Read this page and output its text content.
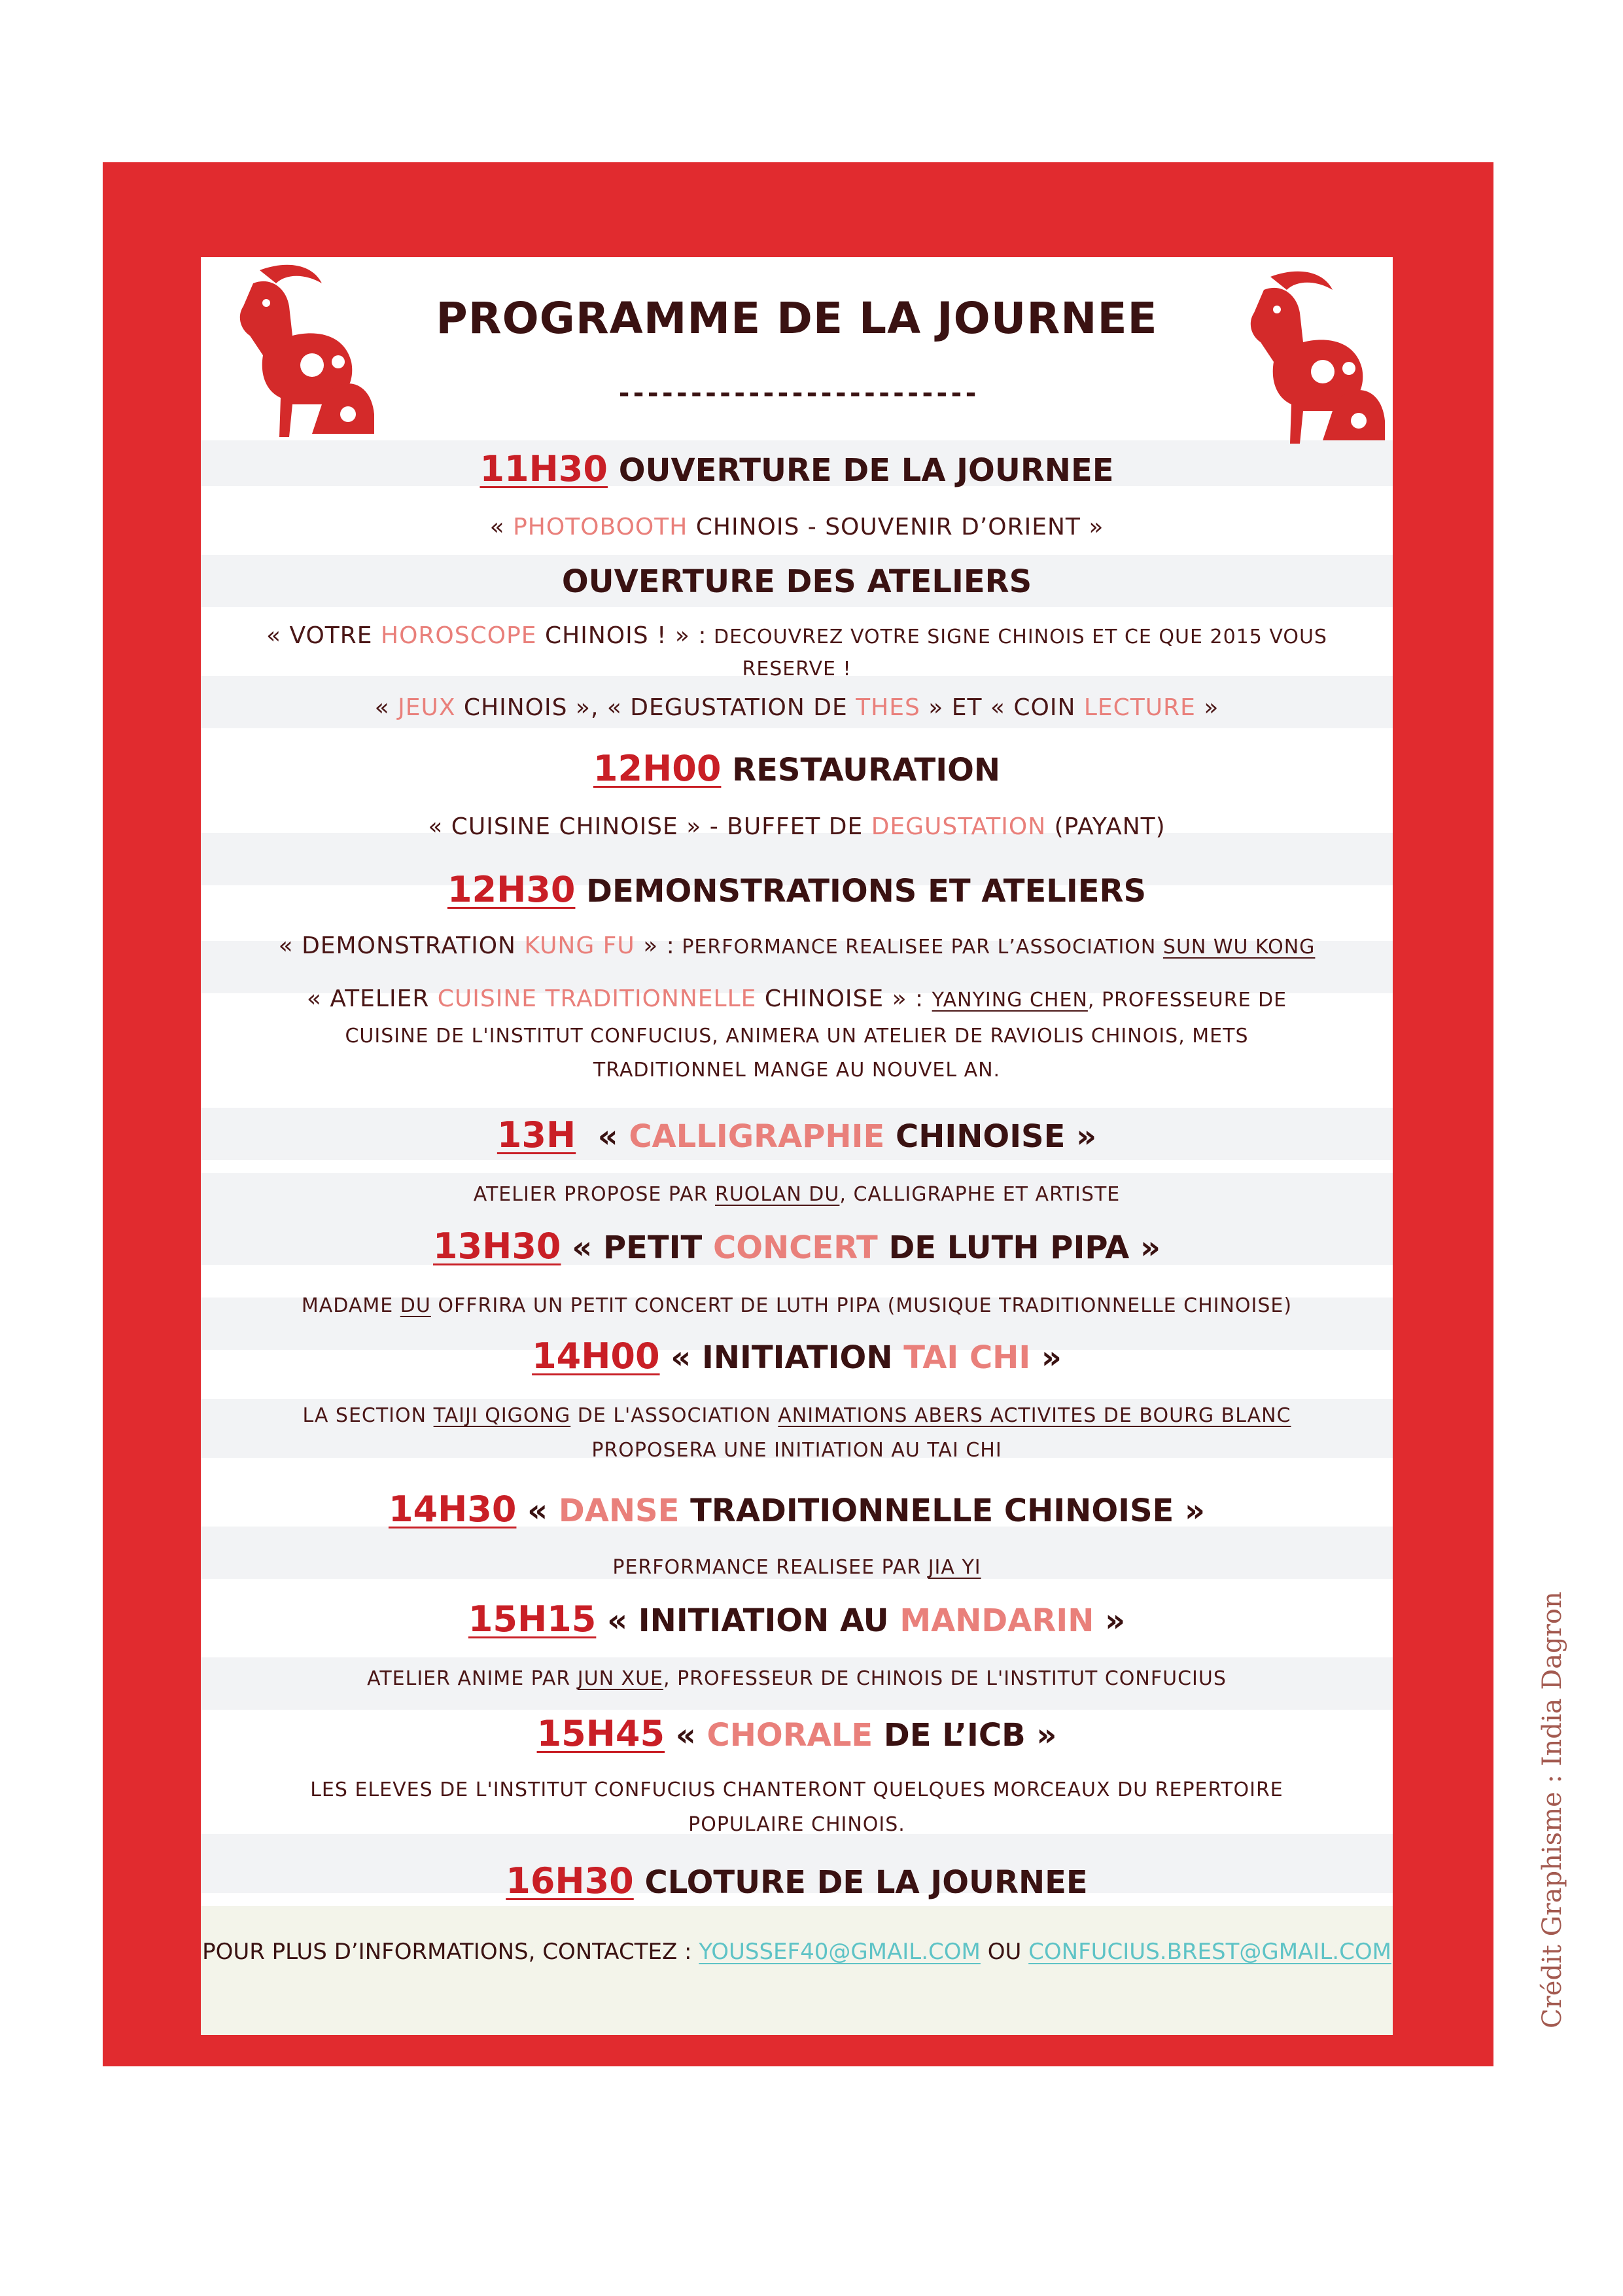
PROGRAMME DE LA JOURNEE
-------------------------
11H30 OUVERTURE DE LA JOURNEE
« PHOTOBOOTH CHINOIS - SOUVENIR D’ORIENT »
OUVERTURE DES ATELIERS
« VOTRE HOROSCOPE CHINOIS ! » : DECOUVREZ VOTRE SIGNE CHINOIS ET CE QUE 2015 VOUS
RESERVE !
« JEUX CHINOIS », « DEGUSTATION DE THES » ET « COIN LECTURE »
12H00 RESTAURATION
« CUISINE CHINOISE » - BUFFET DE DEGUSTATION (PAYANT)
12H30 DEMONSTRATIONS ET ATELIERS
« DEMONSTRATION KUNG FU » : PERFORMANCE REALISEE PAR L’ASSOCIATION SUN WU KONG
« ATELIER CUISINE TRADITIONNELLE CHINOISE » : YANYING CHEN, PROFESSEURE DE
CUISINE DE L'INSTITUT CONFUCIUS, ANIMERA UN ATELIER DE RAVIOLIS CHINOIS, METS
TRADITIONNEL MANGE AU NOUVEL AN.
13H « CALLIGRAPHIE CHINOISE »
ATELIER PROPOSE PAR RUOLAN DU, CALLIGRAPHE ET ARTISTE
13H30 « PETIT CONCERT DE LUTH PIPA »
MADAME DU OFFRIRA UN PETIT CONCERT DE LUTH PIPA (MUSIQUE TRADITIONNELLE CHINOISE)
14H00 « INITIATION TAI CHI »
LA SECTION TAIJI QIGONG DE L'ASSOCIATION ANIMATIONS ABERS ACTIVITES DE BOURG BLANC
PROPOSERA UNE INITIATION AU TAI CHI
14H30 « DANSE TRADITIONNELLE CHINOISE »
PERFORMANCE REALISEE PAR JIA YI
15H15 « INITIATION AU MANDARIN »
ATELIER ANIME PAR JUN XUE, PROFESSEUR DE CHINOIS DE L'INSTITUT CONFUCIUS
15H45 « CHORALE DE L’ICB »
LES ELEVES DE L'INSTITUT CONFUCIUS CHANTERONT QUELQUES MORCEAUX DU REPERTOIRE
POPULAIRE CHINOIS.
16H30 CLOTURE DE LA JOURNEE
POUR PLUS D’INFORMATIONS, CONTACTEZ : YOUSSEF40@GMAIL.COM OU CONFUCIUS.BREST@GMAIL.COM	Crédit Graphisme : India Dagron
